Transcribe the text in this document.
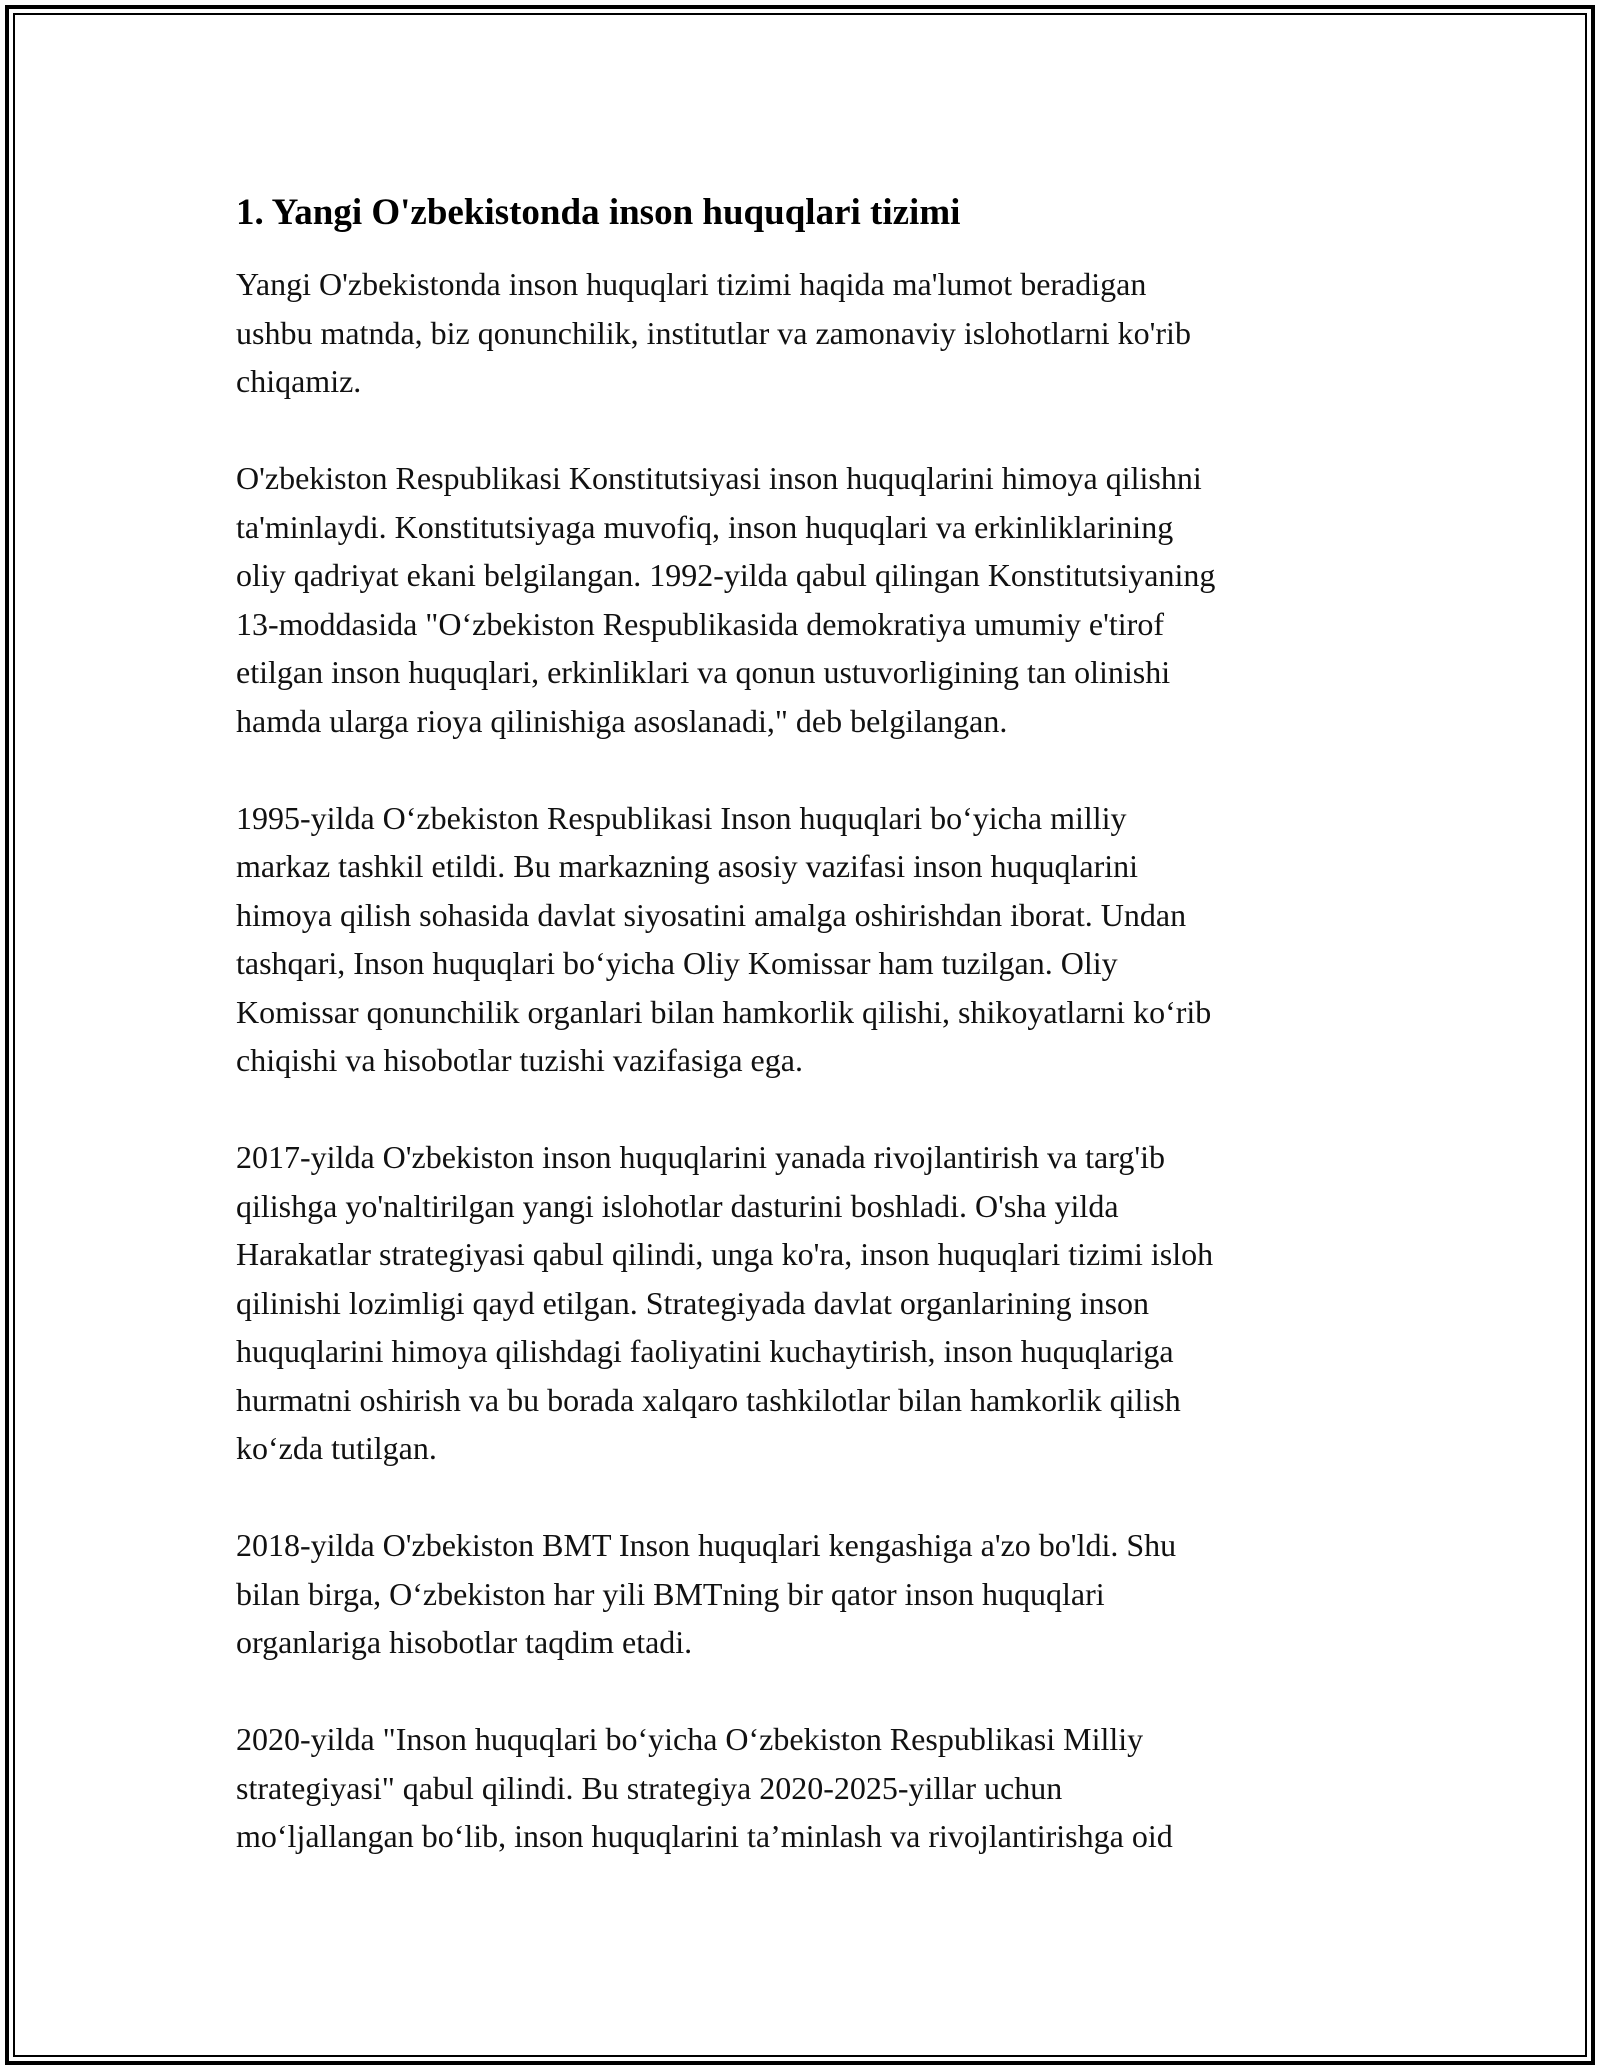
1. Yangi O'zbekistonda inson huquqlari tizimi
Yangi O'zbekistonda inson huquqlari tizimi haqida ma'lumot beradigan
ushbu matnda, biz qonunchilik, institutlar va zamonaviy islohotlarni ko'rib
chiqamiz.
O'zbekiston Respublikasi Konstitutsiyasi inson huquqlarini himoya qilishni
ta'minlaydi. Konstitutsiyaga muvofiq, inson huquqlari va erkinliklarining
oliy qadriyat ekani belgilangan. 1992-yilda qabul qilingan Konstitutsiyaning
13-moddasida "O‘zbekiston Respublikasida demokratiya umumiy e'tirof
etilgan inson huquqlari, erkinliklari va qonun ustuvorligining tan olinishi
hamda ularga rioya qilinishiga asoslanadi," deb belgilangan.
1995-yilda O‘zbekiston Respublikasi Inson huquqlari bo‘yicha milliy
markaz tashkil etildi. Bu markazning asosiy vazifasi inson huquqlarini
himoya qilish sohasida davlat siyosatini amalga oshirishdan iborat. Undan
tashqari, Inson huquqlari bo‘yicha Oliy Komissar ham tuzilgan. Oliy
Komissar qonunchilik organlari bilan hamkorlik qilishi, shikoyatlarni ko‘rib
chiqishi va hisobotlar tuzishi vazifasiga ega.
2017-yilda O'zbekiston inson huquqlarini yanada rivojlantirish va targ'ib
qilishga yo'naltirilgan yangi islohotlar dasturini boshladi. O'sha yilda
Harakatlar strategiyasi qabul qilindi, unga ko'ra, inson huquqlari tizimi isloh
qilinishi lozimligi qayd etilgan. Strategiyada davlat organlarining inson
huquqlarini himoya qilishdagi faoliyatini kuchaytirish, inson huquqlariga
hurmatni oshirish va bu borada xalqaro tashkilotlar bilan hamkorlik qilish
ko‘zda tutilgan.
2018-yilda O'zbekiston BMT Inson huquqlari kengashiga a'zo bo'ldi. Shu
bilan birga, O‘zbekiston har yili BMTning bir qator inson huquqlari
organlariga hisobotlar taqdim etadi.
2020-yilda "Inson huquqlari bo‘yicha O‘zbekiston Respublikasi Milliy
strategiyasi" qabul qilindi. Bu strategiya 2020-2025-yillar uchun
mo‘ljallangan bo‘lib, inson huquqlarini ta’minlash va rivojlantirishga oid
